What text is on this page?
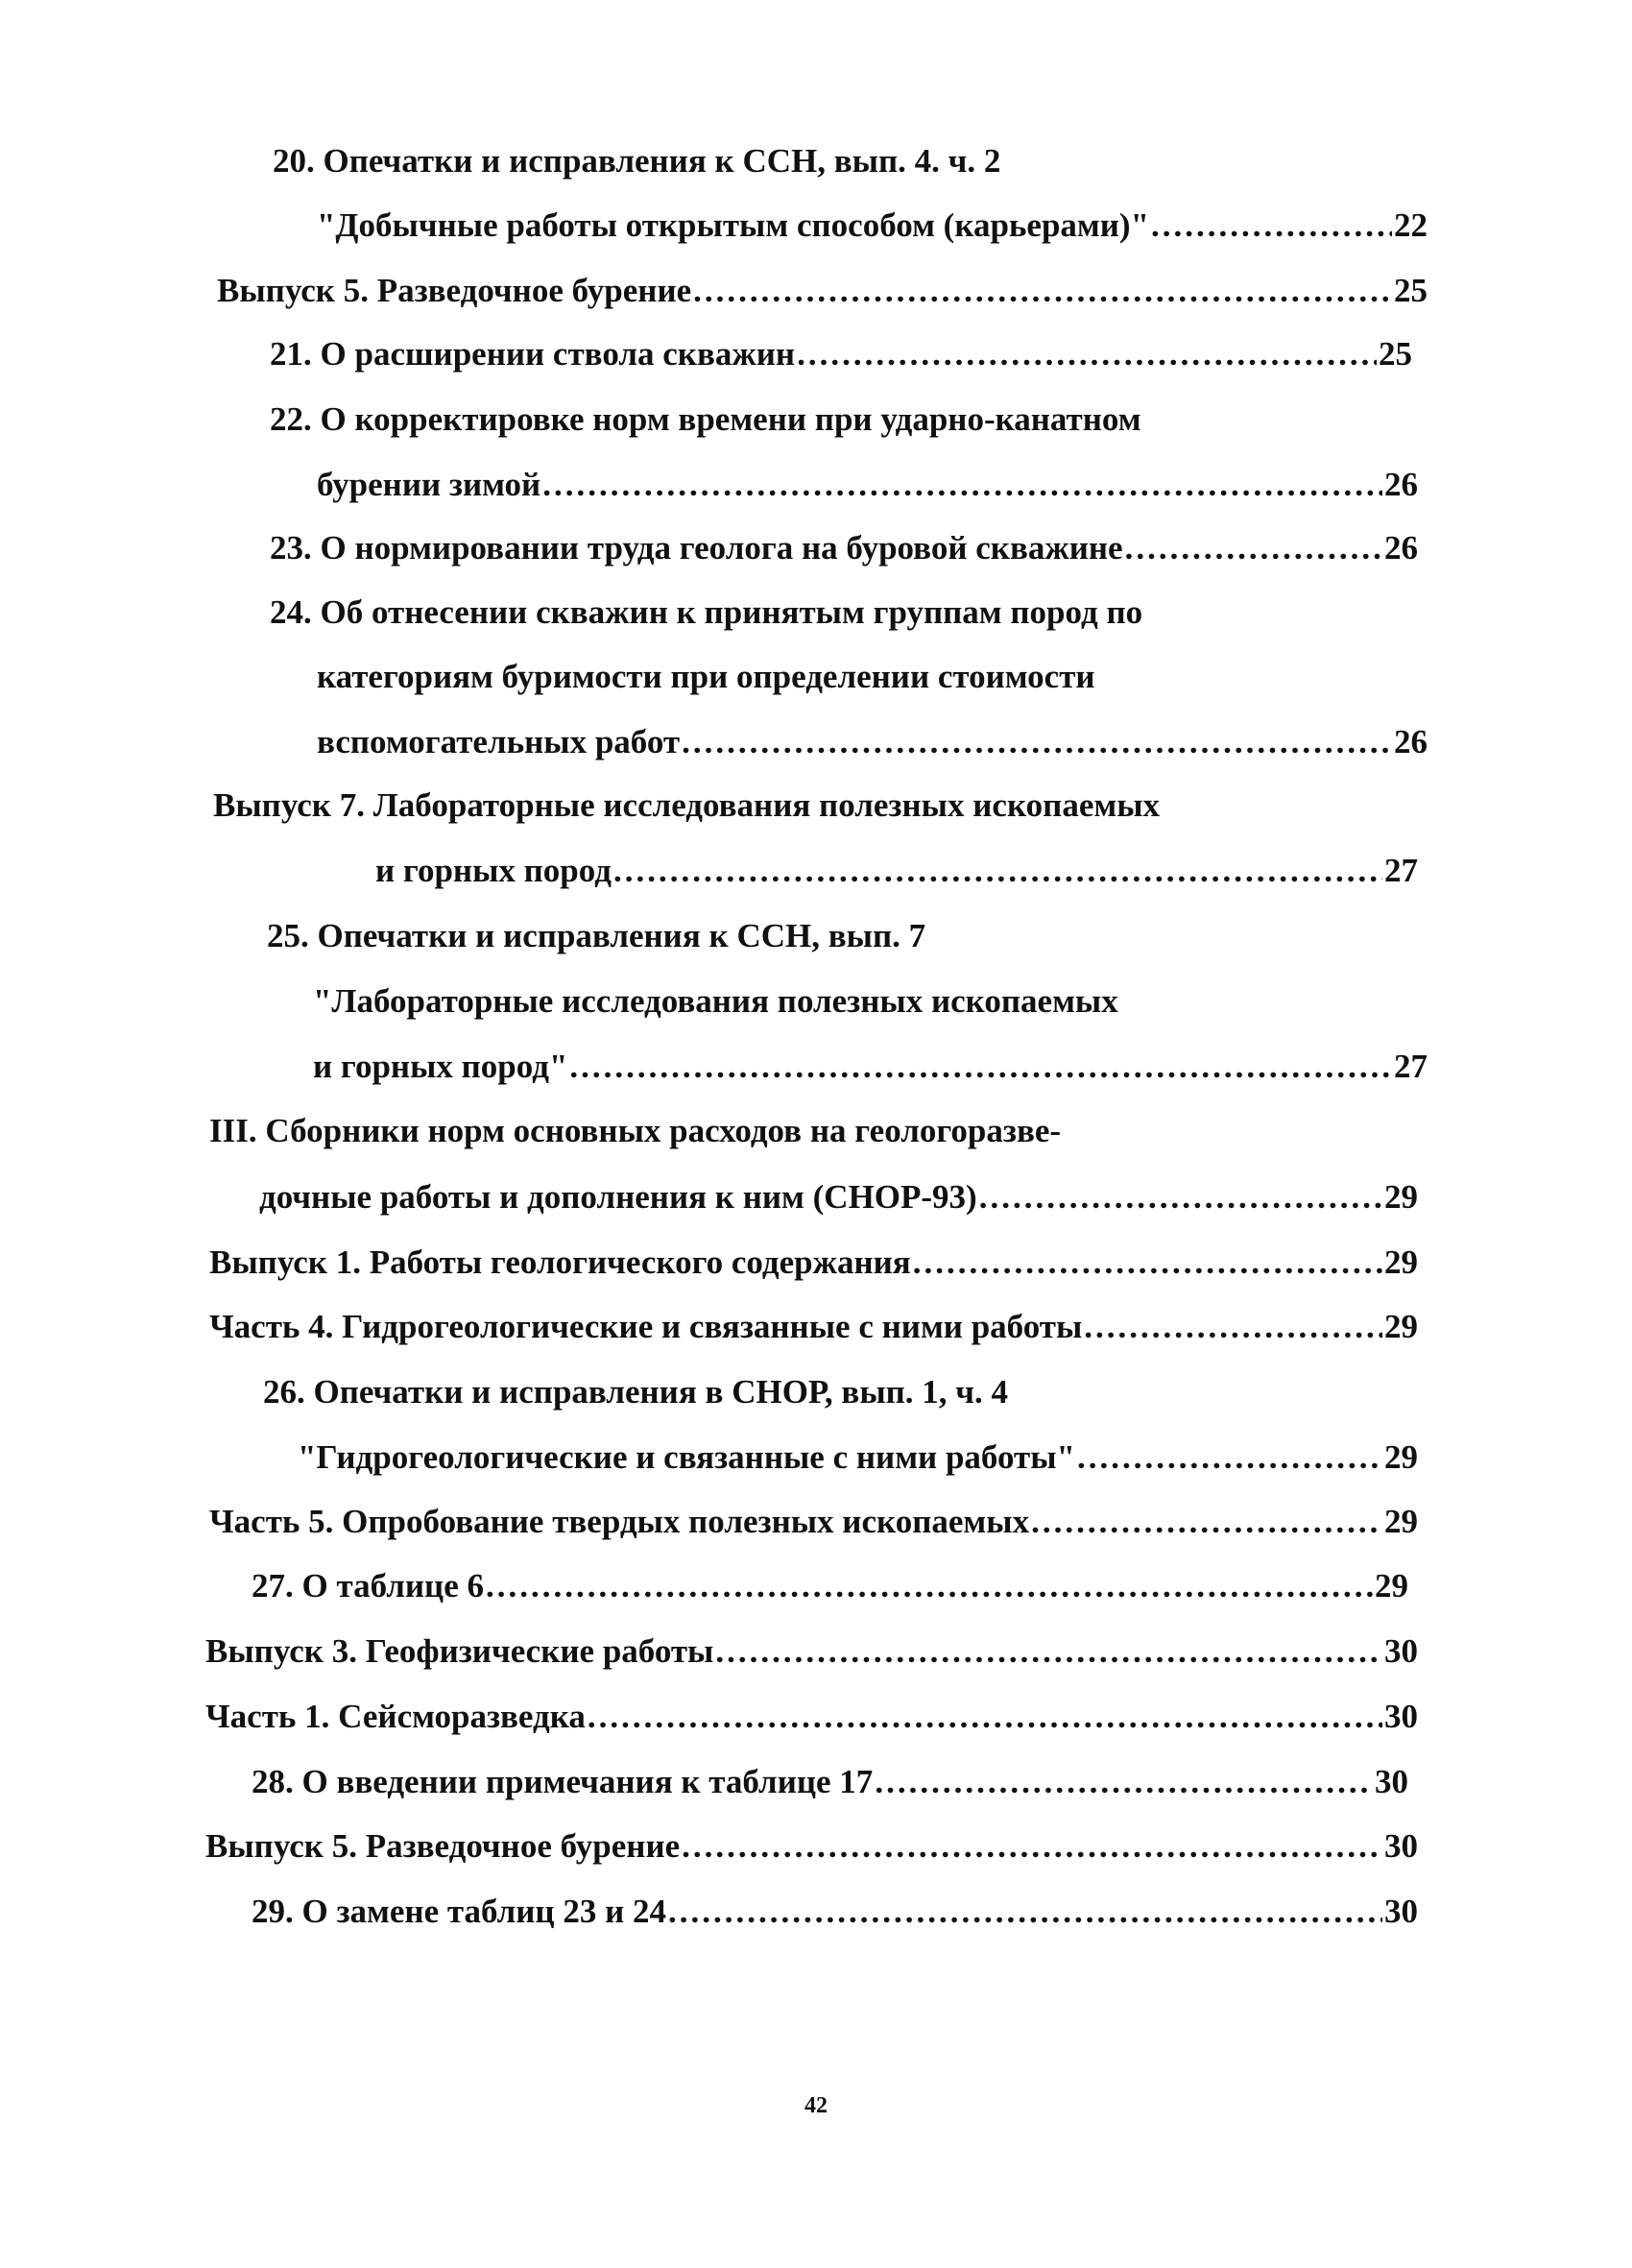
20. Опечатки и исправления к ССН, вып. 4. ч. 2
"Добычные работы открытым способом (карьерами)" .....	22
Выпуск 5. Разведочное бурение .....	25
21. О расширении ствола скважин .....	25
22. О корректировке норм времени при ударно-канатном
бурении зимой .....	26
23. О нормировании труда геолога на буровой скважине .....	26
24. Об отнесении скважин к принятым группам пород по
категориям буримости при определении стоимости
вспомогательных работ .....	26
Выпуск 7. Лабораторные исследования полезных ископаемых
и горных пород .....	27
25. Опечатки и исправления к ССН, вып. 7
"Лабораторные исследования полезных ископаемых
и горных пород" .....	27
III. Сборники норм основных расходов на геологоразве-
дочные работы и дополнения к ним (СНОР-93) .....	29
Выпуск 1. Работы геологического содержания .....	29
Часть 4. Гидрогеологические и связанные с ними работы .....	29
26. Опечатки и исправления в СНОР, вып. 1, ч. 4
"Гидрогеологические и связанные с ними работы" .....	29
Часть 5. Опробование твердых полезных ископаемых .....	29
27. О таблице 6 .....	29
Выпуск 3. Геофизические работы .....	30
Часть 1. Сейсморазведка .....	30
28. О введении примечания к таблице 17 .....	30
Выпуск 5. Разведочное бурение .....	30
29. О замене таблиц 23 и 24 .....	30
42
